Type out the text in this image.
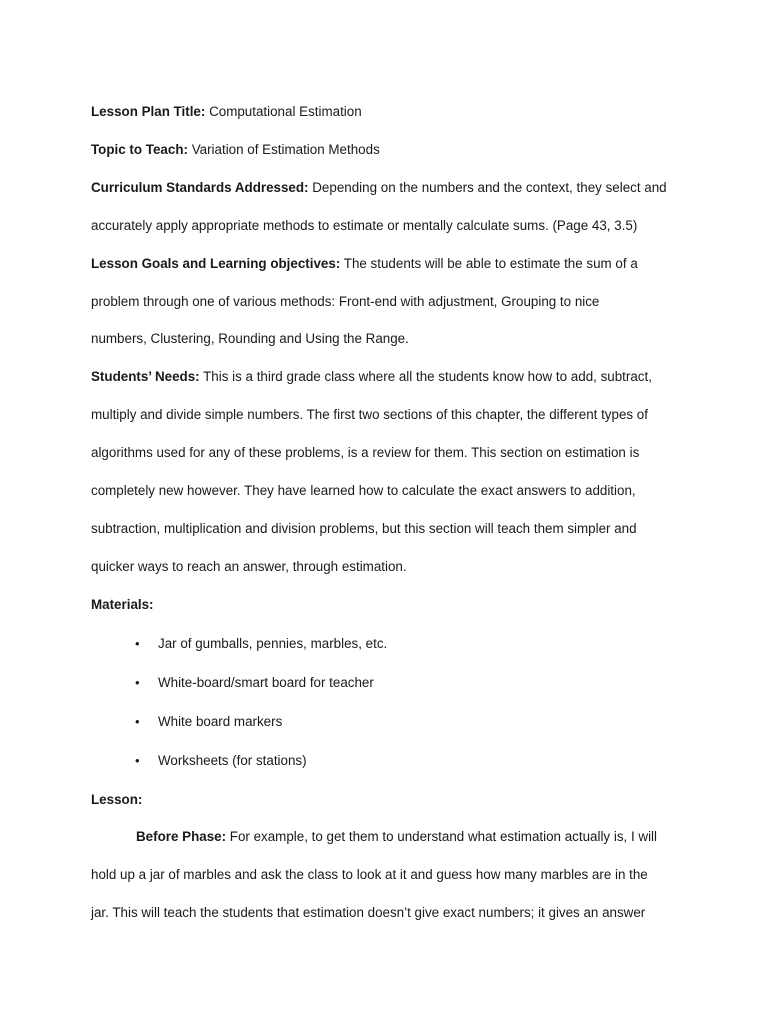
Lesson Plan Title: Computational Estimation

Topic to Teach: Variation of Estimation Methods

Curriculum Standards Addressed: Depending on the numbers and the context, they select and
accurately apply appropriate methods to estimate or mentally calculate sums. (Page 43, 3.5)

Lesson Goals and Learning objectives: The students will be able to estimate the sum of a
problem through one of various methods: Front-end with adjustment, Grouping to nice
numbers, Clustering, Rounding and Using the Range.

Students’ Needs: This is a third grade class where all the students know how to add, subtract,
multiply and divide simple numbers. The first two sections of this chapter, the different types of
algorithms used for any of these problems, is a review for them. This section on estimation is
completely new however. They have learned how to calculate the exact answers to addition,
subtraction, multiplication and division problems, but this section will teach them simpler and
quicker ways to reach an answer, through estimation.

Materials:

• Jar of gumballs, pennies, marbles, etc.
• White-board/smart board for teacher
• White board markers
• Worksheets (for stations)

Lesson:

Before Phase: For example, to get them to understand what estimation actually is, I will
hold up a jar of marbles and ask the class to look at it and guess how many marbles are in the
jar. This will teach the students that estimation doesn’t give exact numbers; it gives an answer
